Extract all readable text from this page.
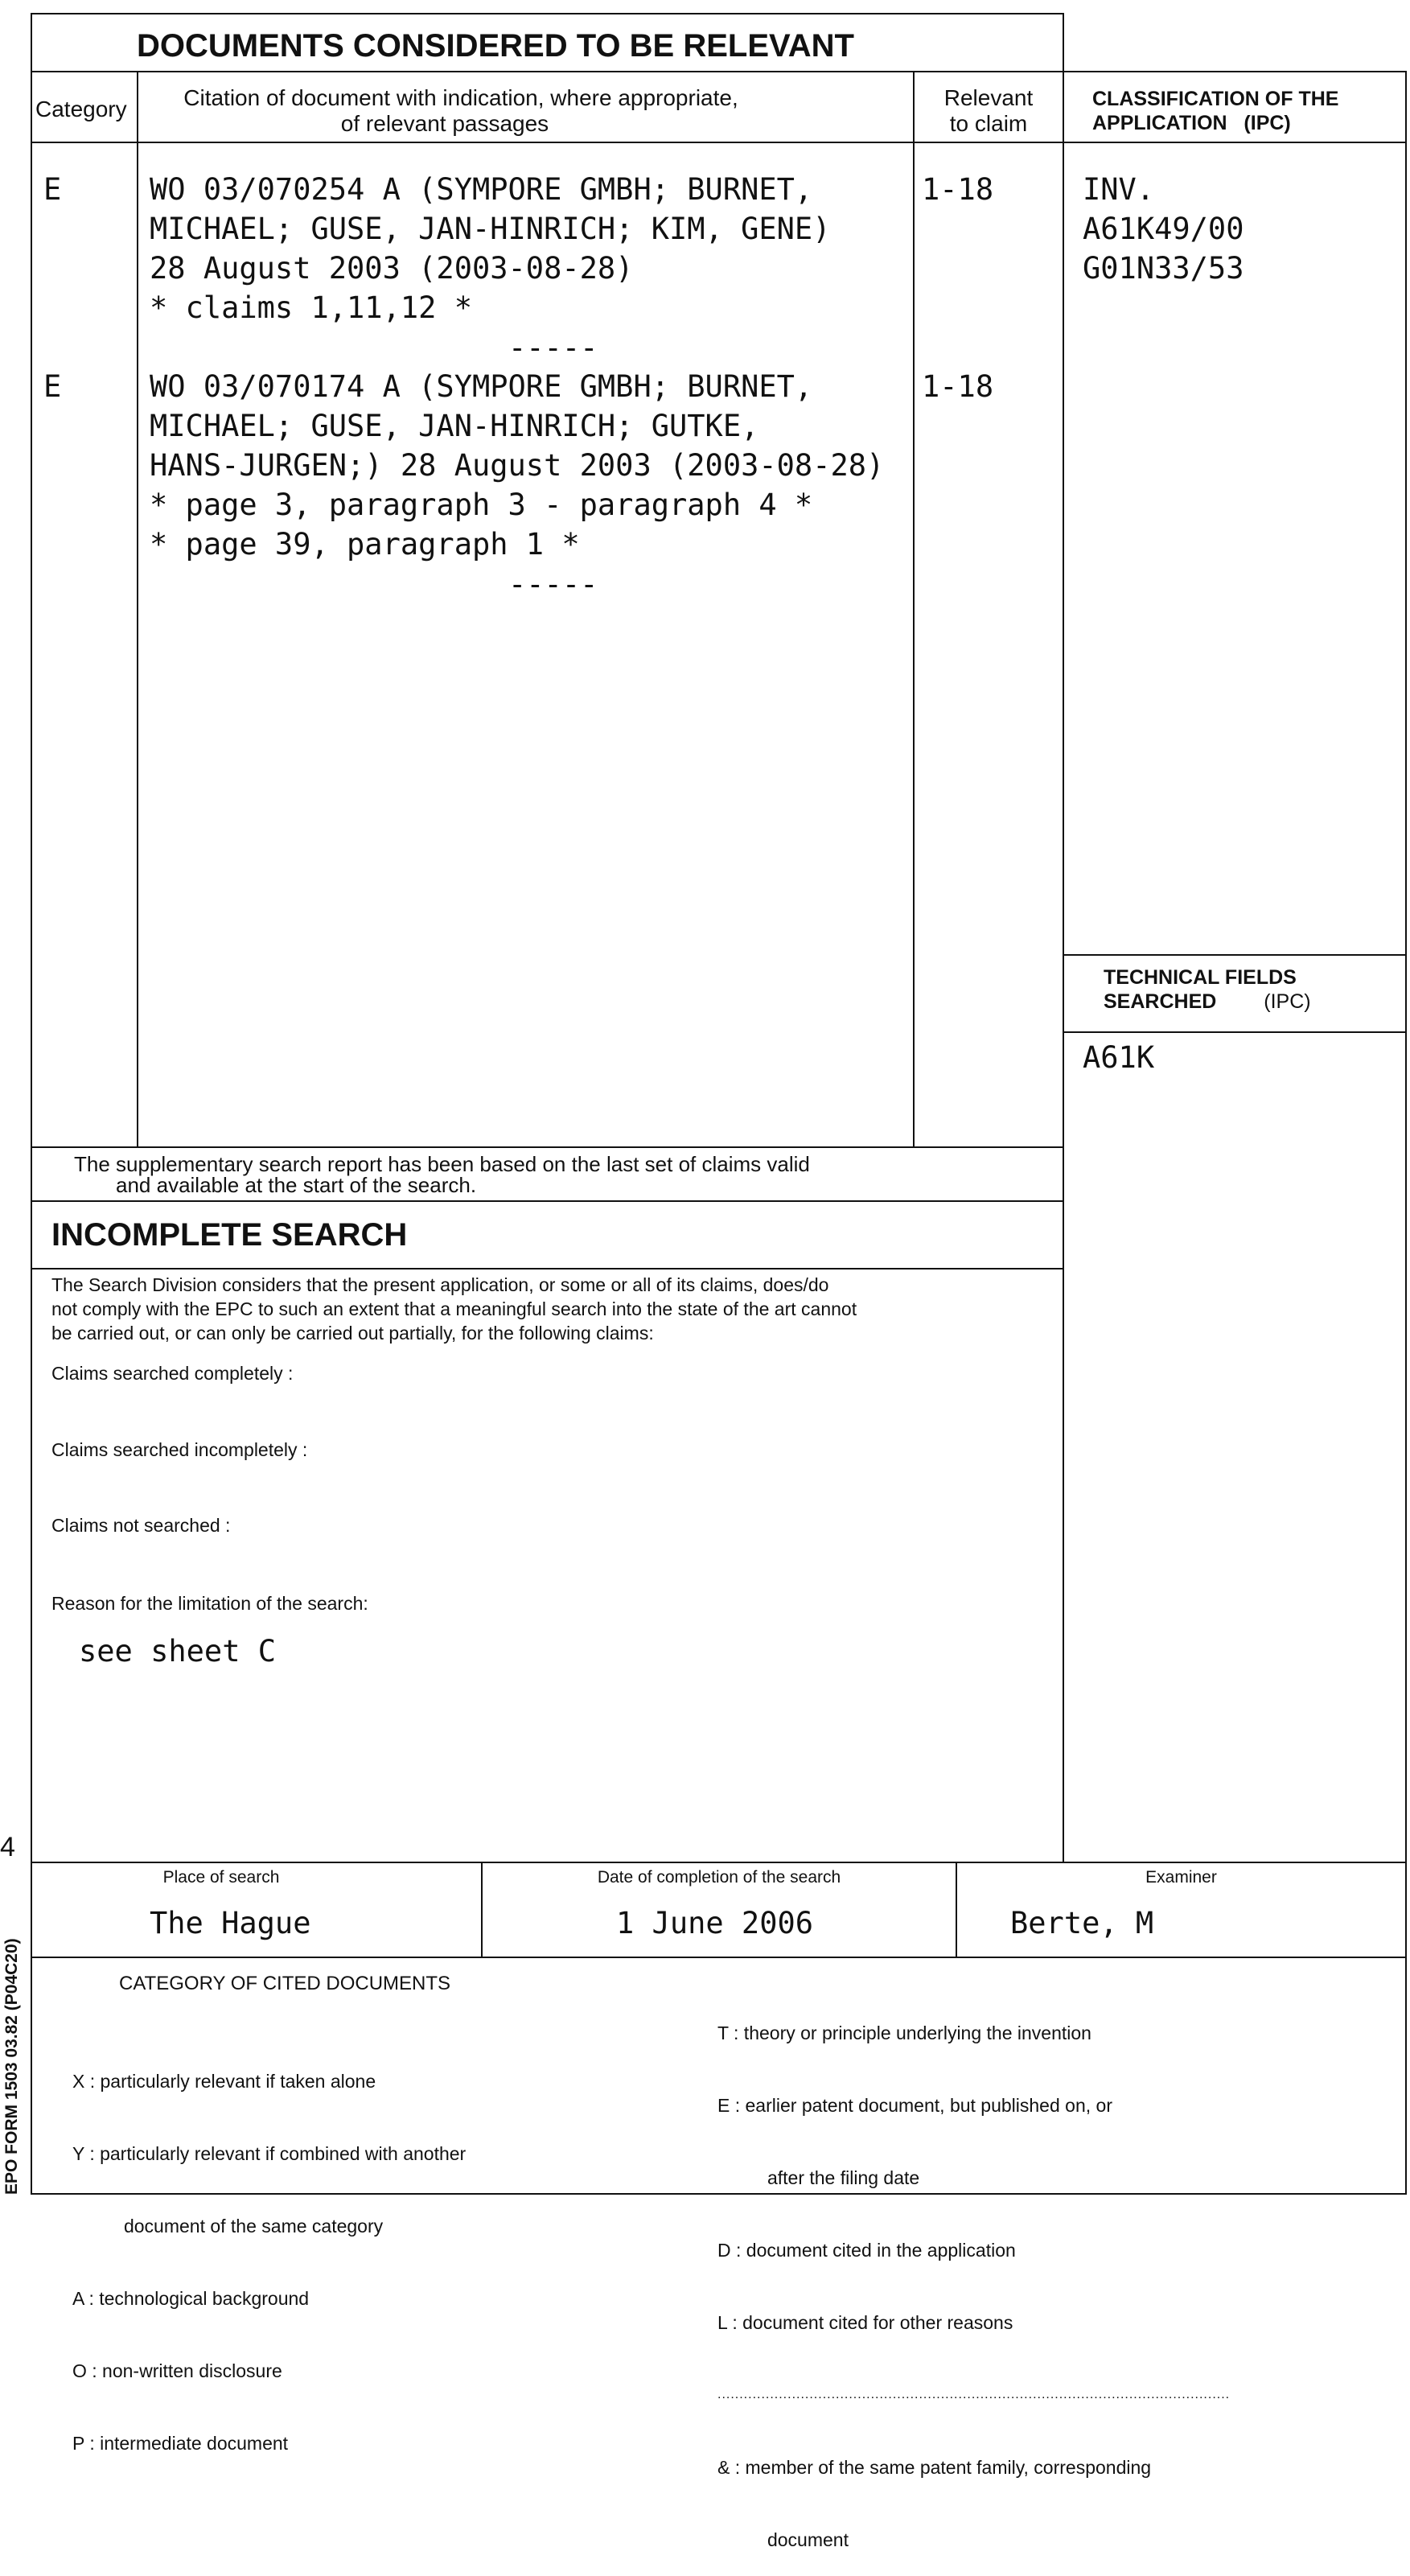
DOCUMENTS CONSIDERED TO BE RELEVANT
Category	Citation of document with indication, where appropriate,
of relevant passages
Relevant
to claim
CLASSIFICATION OF THE
APPLICATION   (IPC)
E	WO 03/070254 A (SYMPORE GMBH; BURNET,
MICHAEL; GUSE, JAN-HINRICH; KIM, GENE)
28 August 2003 (2003-08-28)
* claims 1,11,12 *
-----
1-18
E	WO 03/070174 A (SYMPORE GMBH; BURNET,
MICHAEL; GUSE, JAN-HINRICH; GUTKE,
HANS-JURGEN;) 28 August 2003 (2003-08-28)
* page 3, paragraph 3 - paragraph 4 *
* page 39, paragraph 1 *
-----
1-18
INV.
A61K49/00
G01N33/53
TECHNICAL FIELDS
SEARCHED (IPC)
A61K
The supplementary search report has been based on the last set of claims valid
and available at the start of the search.
INCOMPLETE SEARCH
The Search Division considers that the present application, or some or all of its claims, does/do
not comply with the EPC to such an extent that a meaningful search into the state of the art cannot
be carried out, or can only be carried out partially, for the following claims:
Claims searched completely :
Claims searched incompletely :
Claims not searched :
Reason for the limitation of the search:
see sheet C
4
EPO FORM 1503 03.82 (P04C20)
Place of search
The Hague
Date of completion of the search
1 June 2006
Examiner
Berte, M
CATEGORY OF CITED DOCUMENTS

X : particularly relevant if taken alone

Y : particularly relevant if combined with another

document of the same category

A : technological background

O : non-written disclosure

P : intermediate document

T : theory or principle underlying the invention

E : earlier patent document, but published on, or

after the filing date

D : document cited in the application

L : document cited for other reasons

.....................................................................................................................

& : member of the same patent family, corresponding

document
